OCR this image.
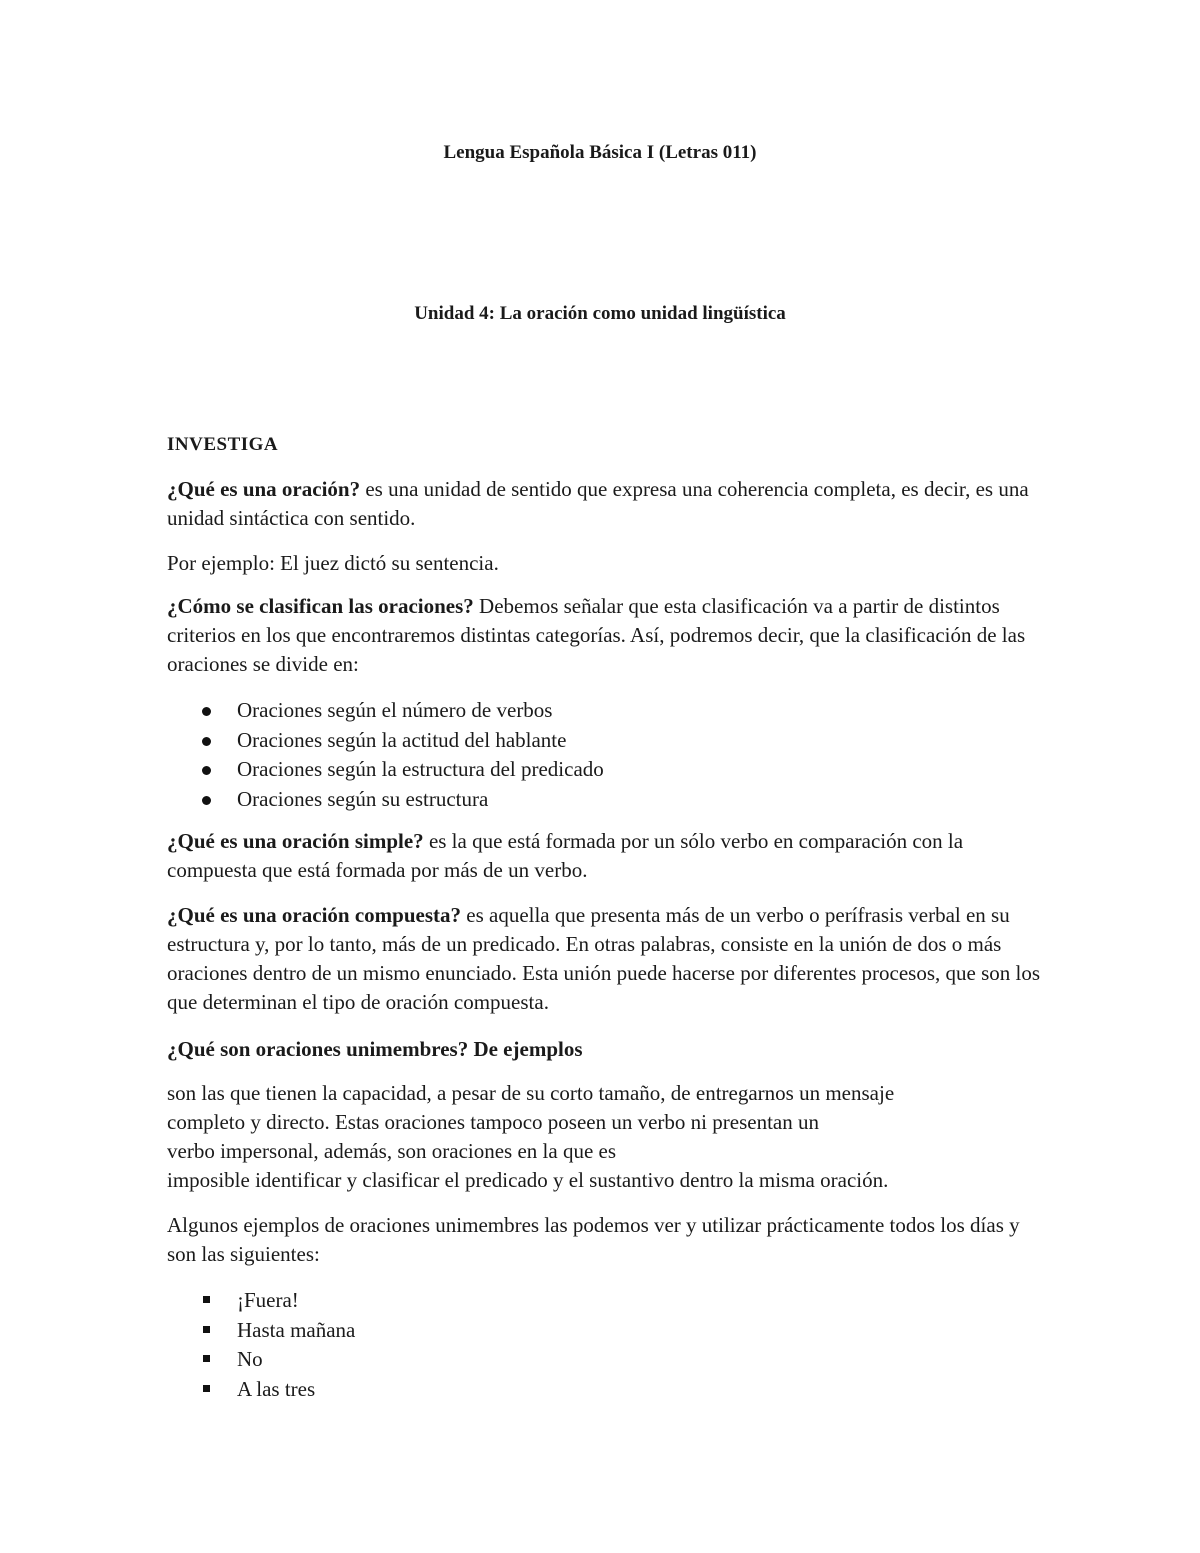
Lengua Española Básica I (Letras 011)
Unidad 4: La oración como unidad lingüística
INVESTIGA
¿Qué es una oración? es una unidad de sentido que expresa una coherencia completa, es decir, es una unidad sintáctica con sentido.
Por ejemplo: El juez dictó su sentencia.
¿Cómo se clasifican las oraciones? Debemos señalar que esta clasificación va a partir de distintos criterios en los que encontraremos distintas categorías. Así, podremos decir, que la clasificación de las oraciones se divide en:
Oraciones según el número de verbos
Oraciones según la actitud del hablante
Oraciones según la estructura del predicado
Oraciones según su estructura
¿Qué es una oración simple? es la que está formada por un sólo verbo en comparación con la compuesta que está formada por más de un verbo.
¿Qué es una oración compuesta? es aquella que presenta más de un verbo o perífrasis verbal en su estructura y, por lo tanto, más de un predicado. En otras palabras, consiste en la unión de dos o más oraciones dentro de un mismo enunciado. Esta unión puede hacerse por diferentes procesos, que son los que determinan el tipo de oración compuesta.
¿Qué son oraciones unimembres? De ejemplos
son las que tienen la capacidad, a pesar de su corto tamaño, de entregarnos un mensaje
completo y directo. Estas oraciones tampoco poseen un verbo ni presentan un
verbo impersonal, además, son oraciones en la que es
imposible identificar y clasificar el predicado y el sustantivo dentro la misma oración.
Algunos ejemplos de oraciones unimembres las podemos ver y utilizar prácticamente todos los días y son las siguientes:
¡Fuera!
Hasta mañana
No
A las tres
